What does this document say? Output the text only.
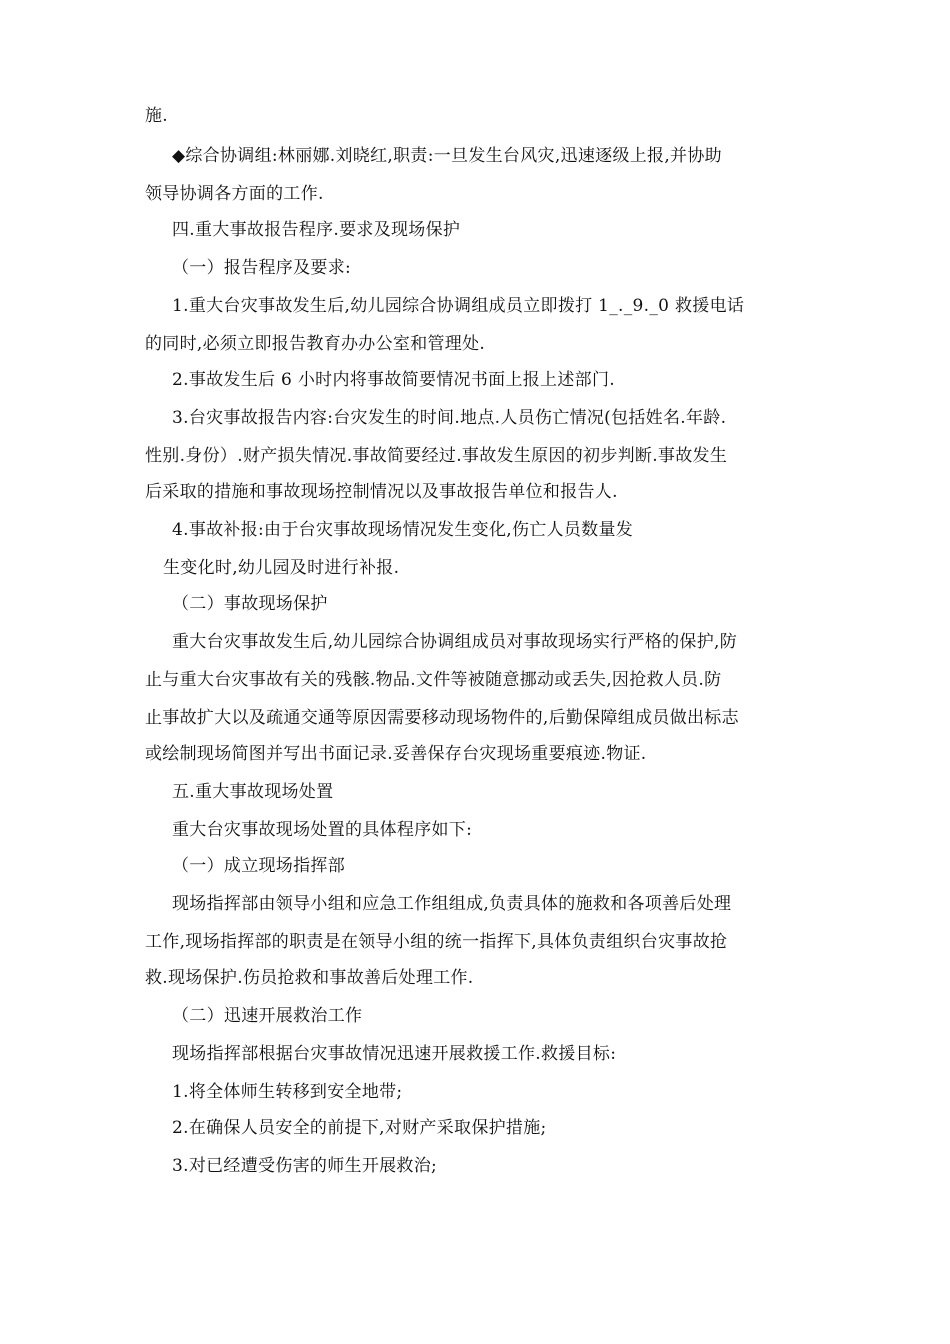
施.
◆综合协调组:林丽娜.刘晓红,职责:一旦发生台风灾,迅速逐级上报,并协助
领导协调各方面的工作.
四.重大事故报告程序.要求及现场保护
（一）报告程序及要求:
1.重大台灾事故发生后,幼儿园综合协调组成员立即拨打 1_._9._0 救援电话
的同时,必须立即报告教育办办公室和管理处.
2.事故发生后 6 小时内将事故简要情况书面上报上述部门.
3.台灾事故报告内容:台灾发生的时间.地点.人员伤亡情况(包括姓名.年龄.
性别.身份）.财产损失情况.事故简要经过.事故发生原因的初步判断.事故发生
后采取的措施和事故现场控制情况以及事故报告单位和报告人.
4.事故补报:由于台灾事故现场情况发生变化,伤亡人员数量发
生变化时,幼儿园及时进行补报.
（二）事故现场保护
重大台灾事故发生后,幼儿园综合协调组成员对事故现场实行严格的保护,防
止与重大台灾事故有关的残骸.物品.文件等被随意挪动或丢失,因抢救人员.防
止事故扩大以及疏通交通等原因需要移动现场物件的,后勤保障组成员做出标志
或绘制现场简图并写出书面记录.妥善保存台灾现场重要痕迹.物证.
五.重大事故现场处置
重大台灾事故现场处置的具体程序如下:
（一）成立现场指挥部
现场指挥部由领导小组和应急工作组组成,负责具体的施救和各项善后处理
工作,现场指挥部的职责是在领导小组的统一指挥下,具体负责组织台灾事故抢
救.现场保护.伤员抢救和事故善后处理工作.
（二）迅速开展救治工作
现场指挥部根据台灾事故情况迅速开展救援工作.救援目标:
1.将全体师生转移到安全地带;
2.在确保人员安全的前提下,对财产采取保护措施;
3.对已经遭受伤害的师生开展救治;
